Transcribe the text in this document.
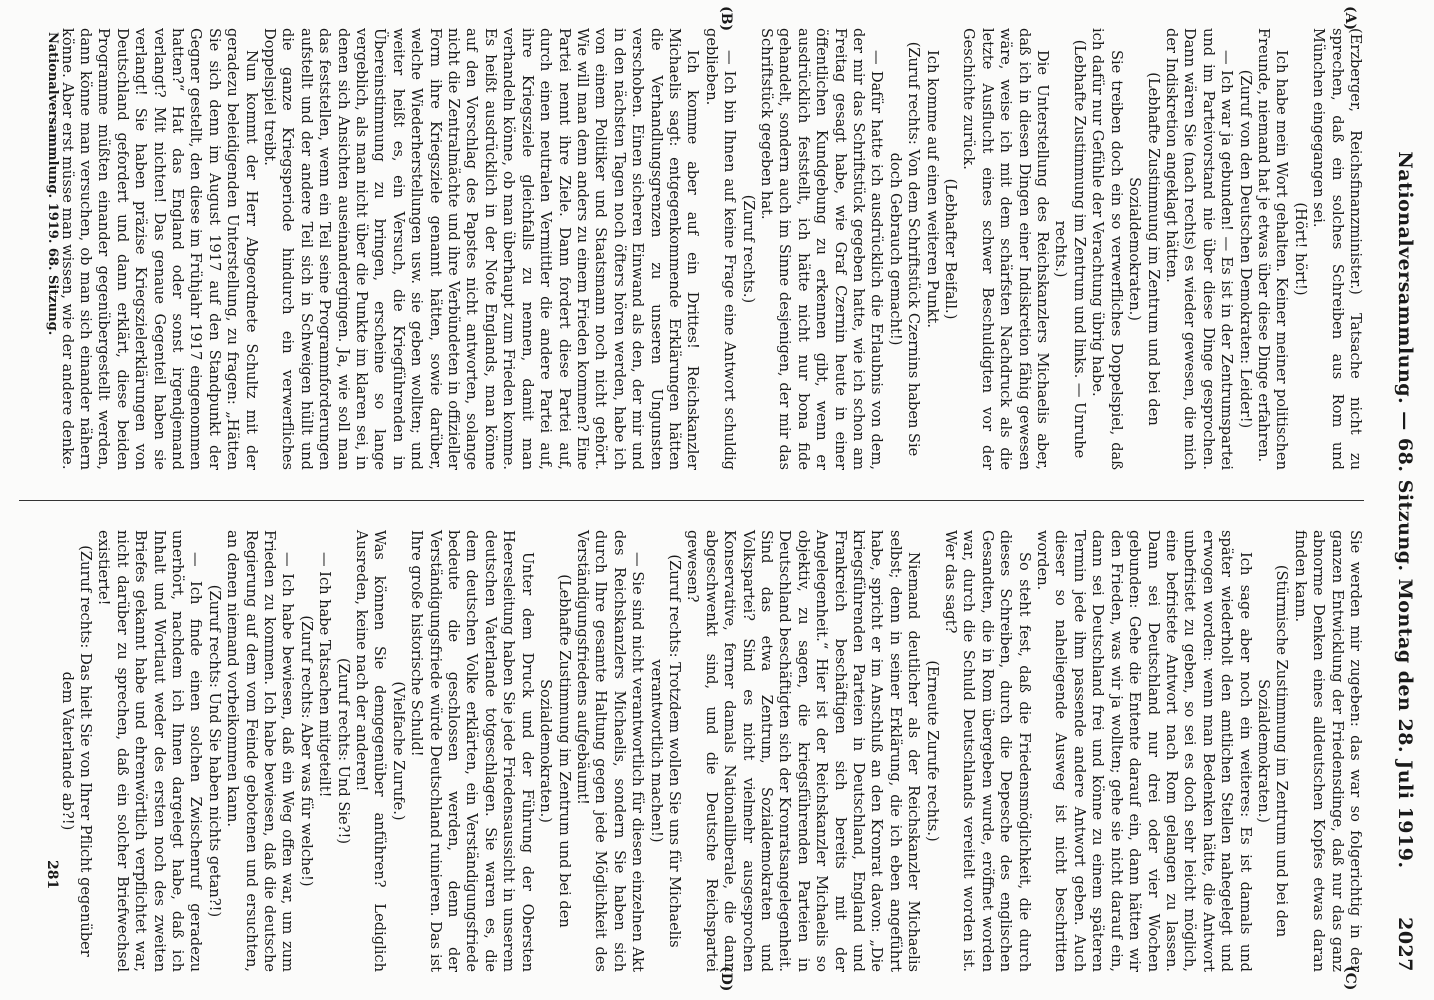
Nationalversammlung. — 68. Sitzung. Montag den 28. Juli 1919.
2027
(A)
(B)
(C)
(D)

(Erzberger, Reichsfinanzminister.) Tatsache nicht zu sprechen, daß ein solches Schreiben aus Rom und München eingegangen sei.

(Hört! hört!)

Ich habe mein Wort gehalten. Keiner meiner politischen Freunde, niemand hat je etwas über diese Dinge erfahren.

(Zuruf von den Deutschen Demokraten: Leider!)

— Ich war ja gebunden! — Es ist in der Zentrumspartei und im Parteivorstand nie über diese Dinge gesprochen. Dann wären Sie (nach rechts) es wieder gewesen, die mich der Indiskretion angeklagt hätten.

(Lebhafte Zustimmung im Zentrum und bei den Sozialdemokraten.)

Sie treiben doch ein so verwerfliches Doppelspiel, daß ich dafür nur Gefühle der Verachtung übrig habe.

(Lebhafte Zustimmung im Zentrum und links. — Unruhe rechts.)

Die Unterstellung des Reichskanzlers Michaelis aber, daß ich in diesen Dingen einer Indiskretion fähig gewesen wäre, weise ich mit dem schärfsten Nachdruck als die letzte Ausflucht eines schwer Beschuldigten vor der Geschichte zurück.

(Lebhafter Beifall.)

Ich komme auf einen weiteren Punkt.

(Zuruf rechts: Von dem Schriftstück Czernins haben Sie doch Gebrauch gemacht!)

— Dafür hatte ich ausdrücklich die Erlaubnis von dem, der mir das Schriftstück gegeben hatte, wie ich schon am Freitag gesagt habe, wie Graf Czernin heute in einer öffentlichen Kundgebung zu erkennen gibt, wenn er ausdrücklich feststellt, ich hätte nicht nur bona fide gehandelt, sondern auch im Sinne desjenigen, der mir das Schriftstück gegeben hat.

(Zuruf rechts.)

— Ich bin Ihnen auf keine Frage eine Antwort schuldig geblieben.

Ich komme aber auf ein Drittes! Reichskanzler Michaelis sagt: entgegenkommende Erklärungen hätten die Verhandlungsgrenzen zu unseren Ungunsten verschoben. Einen sicheren Einwand als den, der mir und in den nächsten Tagen noch öfters hören werden, habe ich von einem Politiker und Staatsmann noch nicht gehört. Wie will man denn anders zu einem Frieden kommen? Eine Partei nennt ihre Ziele. Dann fordert diese Partei auf, durch einen neutralen Vermittler die andere Partei auf, ihre Kriegsziele gleichfalls zu nennen, damit man verhandeln könne, ob man überhaupt zum Frieden komme. Es heißt ausdrücklich in der Note Englands, man könne auf den Vorschlag des Papstes nicht antworten, solange nicht die Zentralmächte und ihre Verbündeten in offizieller Form ihre Kriegsziele genannt hätten, sowie darüber, welche Wiederherstellungen usw. sie geben wollten; und weiter heißt es, ein Versuch, die Kriegführenden in Übereinstimmung zu bringen, erscheine so lange vergeblich, als man nicht über die Punkte im klaren sei, in denen sich Ansichten auseinandergingen. Ja, wie soll man das feststellen, wenn ein Teil seine Programmforderungen aufstellt und der andere Teil sich in Schweigen hüllt und die ganze Kriegsperiode hindurch ein verwerfliches Doppelspiel treibt.

Nun kommt der Herr Abgeordnete Schultz mit der geradezu beleidigenden Unterstellung, zu fragen: „Hätten Sie sich denn im August 1917 auf den Standpunkt der Gegner gestellt, den diese im Frühjahr 1917 eingenommen hatten?“ Hat das England oder sonst irgendjemand verlangt? Mit nichten! Das genaue Gegenteil haben sie verlangt! Sie haben präzise Kriegszielerklärungen von Deutschland gefordert und dann erklärt, diese beiden Programme müßten einander gegenübergestellt werden, dann könne man versuchen, ob man sich einander nähern könne. Aber erst müsse man wissen, wie der andere denke.

Sie werden mir zugeben: das war so folgerichtig in der ganzen Entwicklung der Friedensdinge, daß nur das ganz abnorme Denken eines alldeutschen Kopfes etwas daran finden kann.

(Stürmische Zustimmung im Zentrum und bei den Sozialdemokraten.)

Ich sage aber noch ein weiteres: Es ist damals und später wiederholt den amtlichen Stellen nahegelegt und erwogen worden: wenn man Bedenken hätte, die Antwort unbefristet zu geben, so sei es doch sehr leicht möglich, eine befristete Antwort nach Rom gelangen zu lassen. Dann sei Deutschland nur drei oder vier Wochen gebunden: Gehe die Entente darauf ein, dann hätten wir den Frieden, was wir ja wollten; gehe sie nicht darauf ein, dann sei Deutschland frei und könne zu einem späteren Termin jede ihm passende andere Antwort geben. Auch dieser so naheliegende Ausweg ist nicht beschritten worden.

So steht fest, daß die Friedensmöglichkeit, die durch dieses Schreiben, durch die Depesche des englischen Gesandten, die in Rom übergeben wurde, eröffnet worden war, durch die Schuld Deutschlands vereitelt worden ist. Wer das sagt?

(Erneute Zurufe rechts.)

Niemand deutlicher als der Reichskanzler Michaelis selbst; denn in seiner Erklärung, die ich eben angeführt habe, spricht er im Anschluß an den Kronrat davon: „Die kriegsführenden Parteien in Deutschland, England und Frankreich beschäftigen sich bereits mit der Angelegenheit.“ Hier ist der Reichskanzler Michaelis so objektiv, zu sagen, die kriegsführenden Parteien in Deutschland beschäftigten sich der Kronratsangelegenheit. Sind das etwa Zentrum, Sozialdemokraten und Volkspartei? Sind es nicht vielmehr ausgesprochen Konservative, ferner damals Nationalliberale, die dann abgeschwenkt sind, und die Deutsche Reichspartei gewesen?

(Zuruf rechts: Trotzdem wollen Sie uns für Michaelis verantwortlich machen!)

— Sie sind nicht verantwortlich für diesen einzelnen Akt des Reichskanzlers Michaelis, sondern Sie haben sich durch Ihre gesamte Haltung gegen jede Möglichkeit des Verständigungsfriedens aufgebäumt!

(Lebhafte Zustimmung im Zentrum und bei den Sozialdemokraten.)

Unter dem Druck und der Führung der Obersten Heeresleitung haben Sie jede Friedensaussicht in unserem deutschen Vaterlande totgeschlagen. Sie waren es, die dem deutschen Volke erklärten, ein Verständigungsfriede bedeute die geschlossen werden, denn der Verständigungsfriede würde Deutschland ruinieren. Das ist Ihre große historische Schuld!

(Vielfache Zurufe.)

Was können Sie demgegenüber anführen? Lediglich Ausreden, keine nach der anderen!

(Zuruf rechts: Und Sie?!)

— Ich habe Tatsachen mitgeteilt!

(Zuruf rechts: Aber was für welche!)

— Ich habe bewiesen, daß ein Weg offen war, um zum Frieden zu kommen. Ich habe bewiesen, daß die deutsche Regierung auf dem vom Feinde gebotenen und ersuchten, an denen niemand vorbeikommen kann.

(Zuruf rechts: Und Sie haben nichts getan?!)

— Ich finde einen solchen Zwischenruf geradezu unerhört, nachdem ich Ihnen dargelegt habe, daß ich Inhalt und Wortlaut weder des ersten noch des zweiten Briefes gekannt habe und ehrenwörtlich verpflichtet war, nicht darüber zu sprechen, daß ein solcher Briefwechsel existierte!

(Zuruf rechts: Das hielt Sie von Ihrer Pflicht gegenüber dem Vaterlande ab?!)

Nationalversammlung. 1919. 68. Sitzung.
281
